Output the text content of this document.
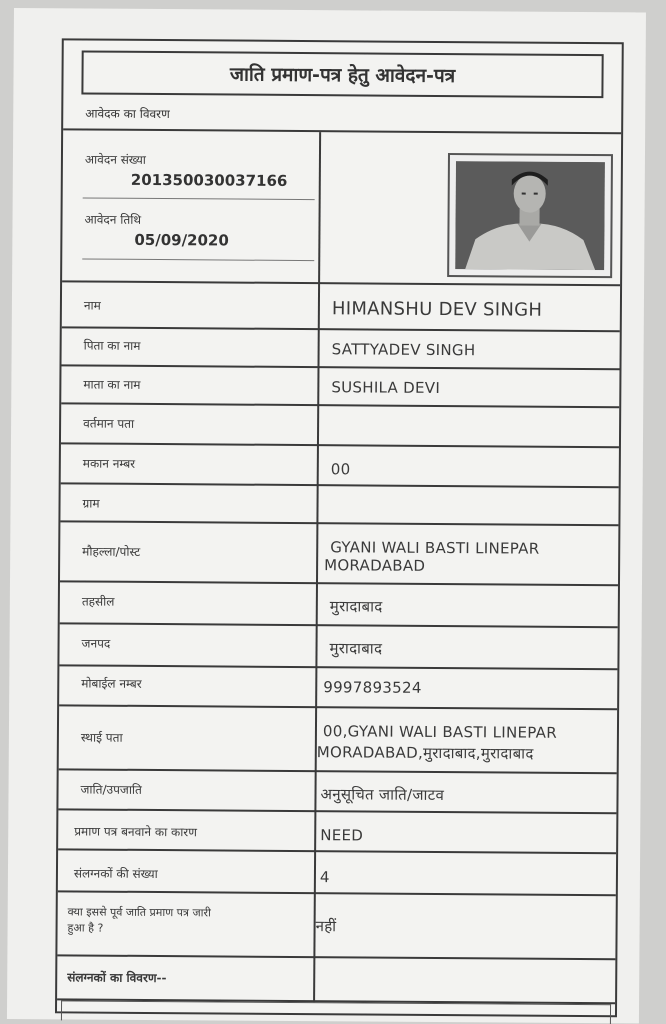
जाति प्रमाण-पत्र हेतु आवेदन-पत्र
आवेदक का विवरण
आवेदन संख्या
201350030037166
आवेदन तिथि
05/09/2020
नाम	HIMANSHU DEV SINGH
पिता का नाम	SATTYADEV SINGH
माता का नाम	SUSHILA DEVI
वर्तमान पता
मकान नम्बर	00
ग्राम
मौहल्ला/पोस्ट	GYANI WALI BASTI LINEPAR
MORADABAD
तहसील	मुरादाबाद
जनपद	मुरादाबाद
मोबाईल नम्बर	9997893524
स्थाई पता	00,GYANI WALI BASTI LINEPAR
MORADABAD,मुरादाबाद,मुरादाबाद
जाति/उपजाति	अनुसूचित जाति/जाटव
प्रमाण पत्र बनवाने का कारण	NEED
संलग्नकों की संख्या	4
क्या इससे पूर्व जाति प्रमाण पत्र जारी
हुआ है ?	नहीं
संलग्नकों का विवरण--
